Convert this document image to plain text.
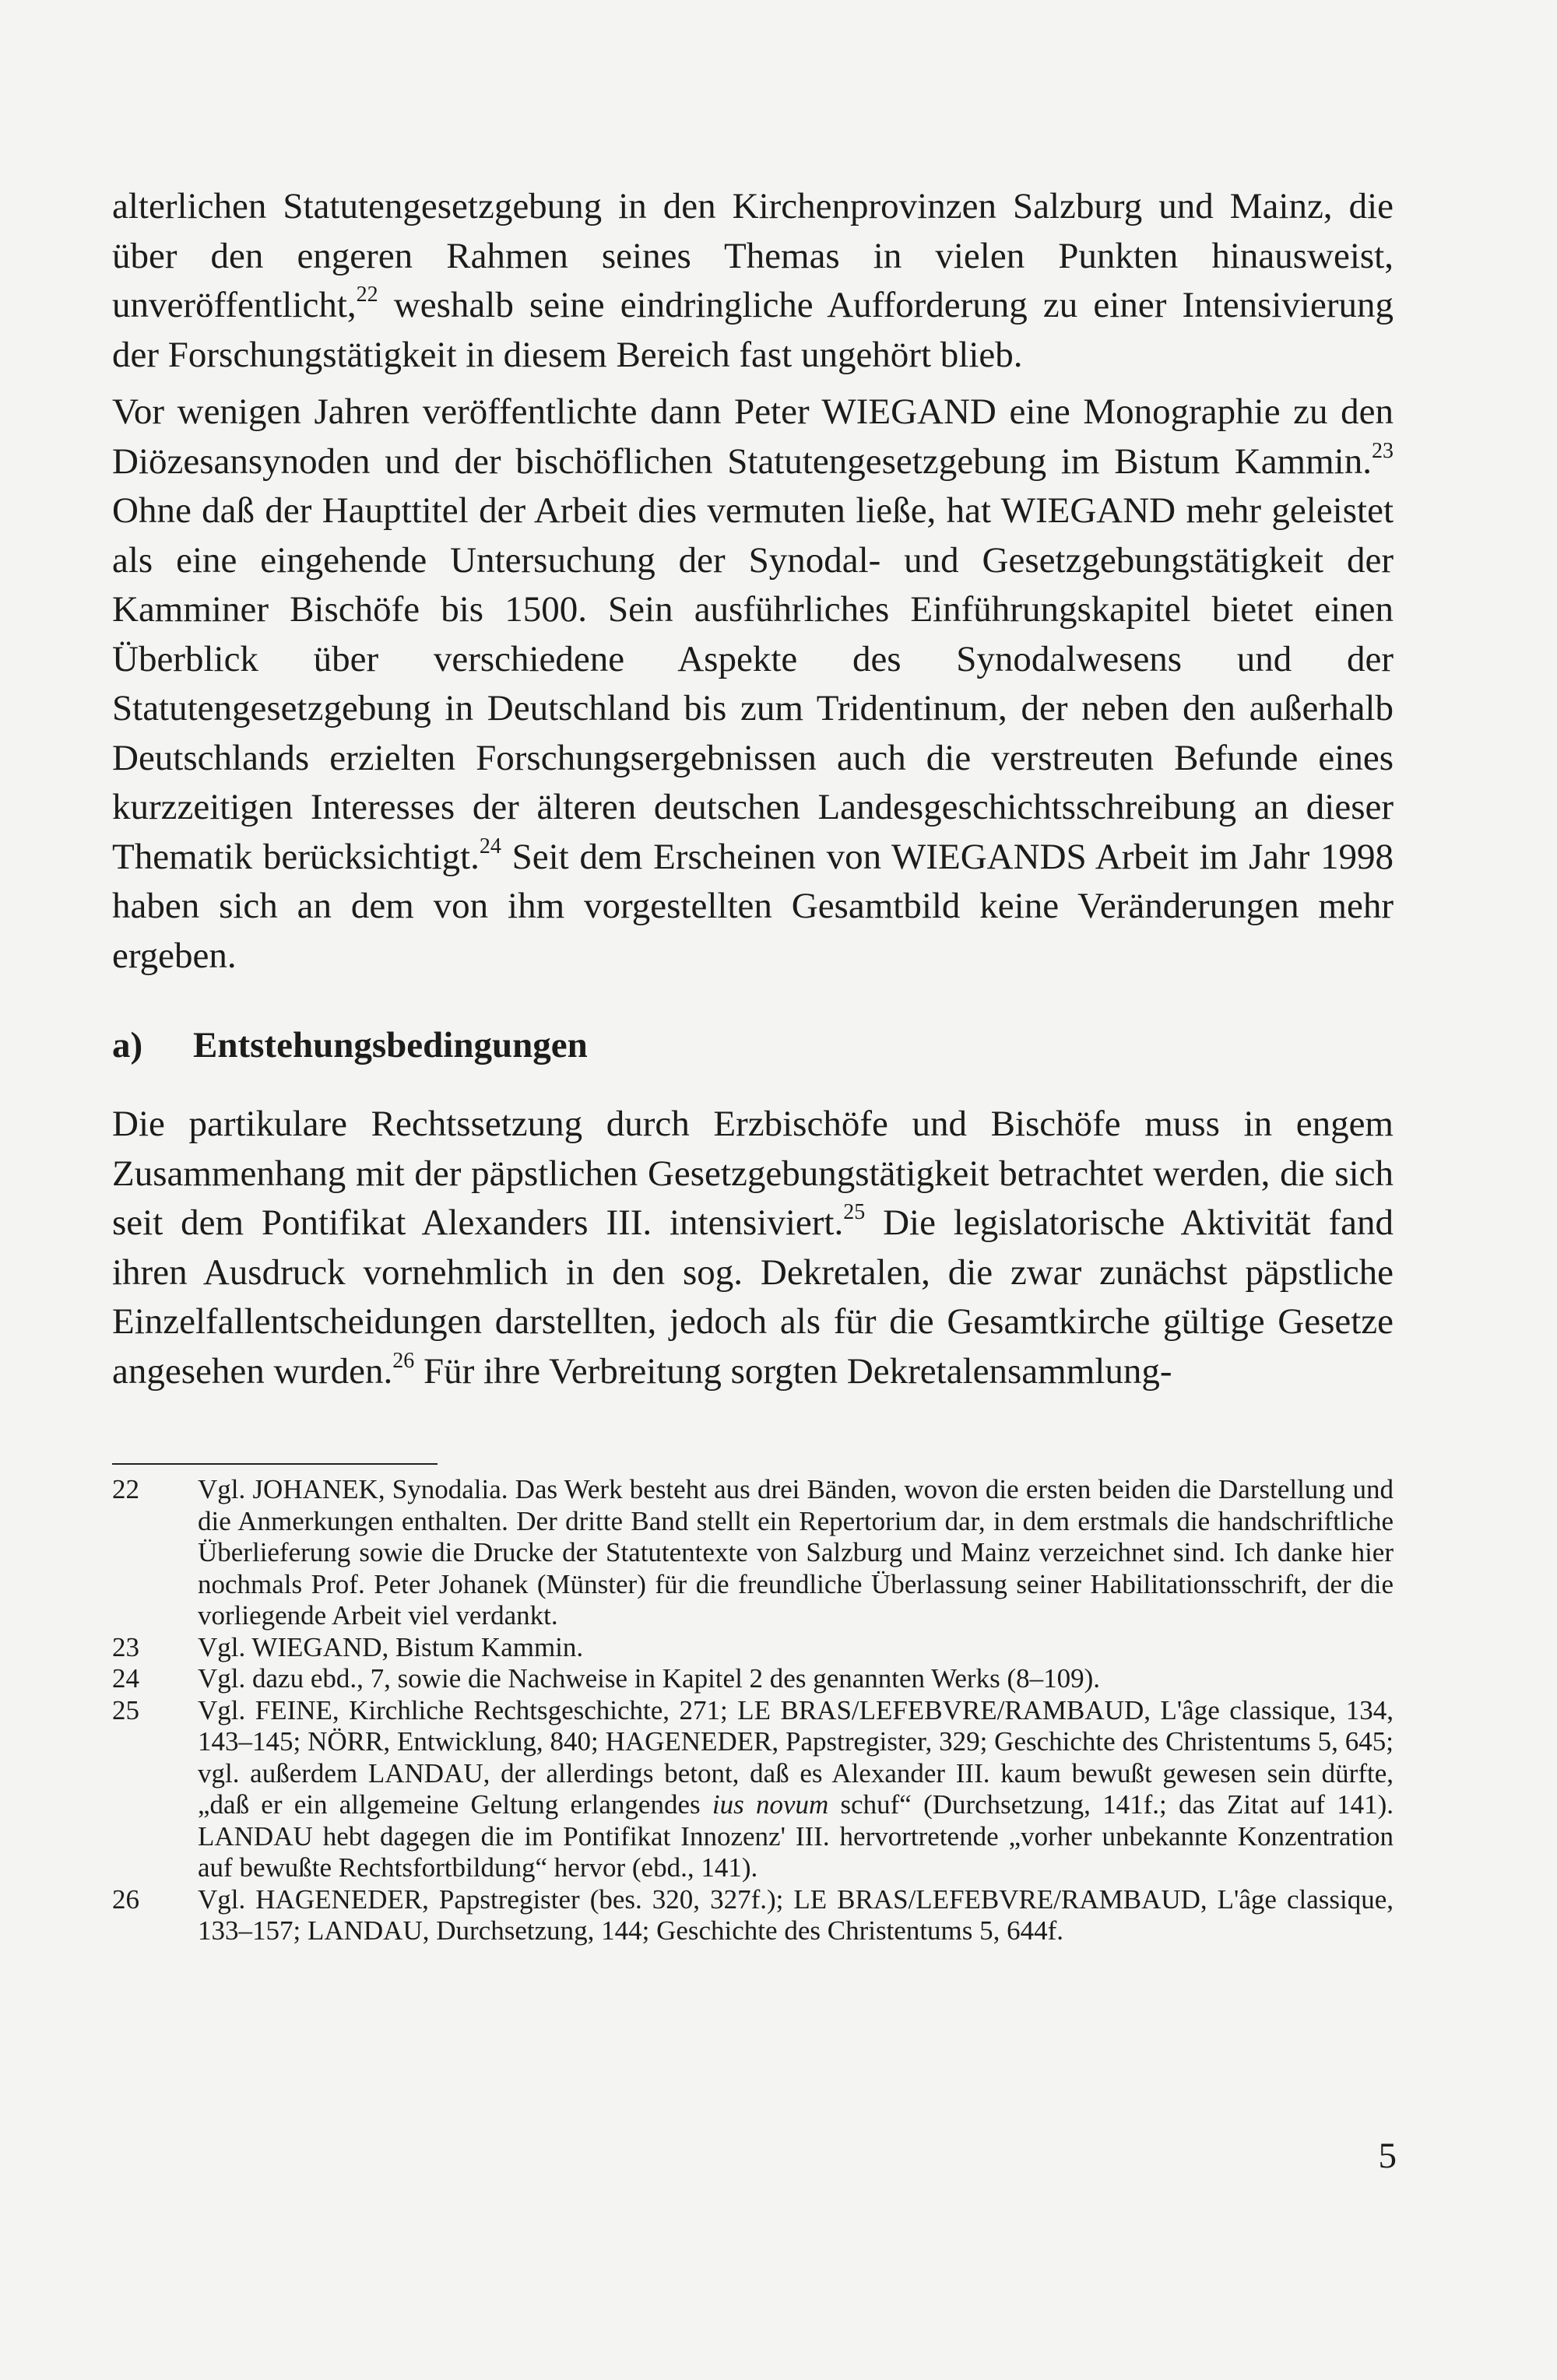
alterlichen Statutengesetzgebung in den Kirchenprovinzen Salzburg und Mainz, die über den engeren Rahmen seines Themas in vielen Punkten hinausweist, unveröffentlicht,$^{22}$ weshalb seine eindringliche Aufforderung zu einer Intensivierung der Forschungstätigkeit in diesem Bereich fast ungehört blieb.

Vor wenigen Jahren veröffentlichte dann Peter WIEGAND eine Monographie zu den Diözesansynoden und der bischöflichen Statutengesetzgebung im Bistum Kammin.$^{23}$ Ohne daß der Haupttitel der Arbeit dies vermuten ließe, hat WIEGAND mehr geleistet als eine eingehende Untersuchung der Synodal- und Gesetzgebungstätigkeit der Kamminer Bischöfe bis 1500. Sein ausführliches Einführungskapitel bietet einen Überblick über verschiedene Aspekte des Synodalwesens und der Statutengesetzgebung in Deutschland bis zum Tridentinum, der neben den außerhalb Deutschlands erzielten Forschungsergebnissen auch die verstreuten Befunde eines kurzzeitigen Interesses der älteren deutschen Landesgeschichtsschreibung an dieser Thematik berücksichtigt.$^{24}$ Seit dem Erscheinen von WIEGANDS Arbeit im Jahr 1998 haben sich an dem von ihm vorgestellten Gesamtbild keine Veränderungen mehr ergeben.

a) Entstehungsbedingungen

Die partikulare Rechtssetzung durch Erzbischöfe und Bischöfe muss in engem Zusammenhang mit der päpstlichen Gesetzgebungstätigkeit betrachtet werden, die sich seit dem Pontifikat Alexanders III. intensiviert.$^{25}$ Die legislatorische Aktivität fand ihren Ausdruck vornehmlich in den sog. Dekretalen, die zwar zunächst päpstliche Einzelfallentscheidungen darstellten, jedoch als für die Gesamtkirche gültige Gesetze angesehen wurden.$^{26}$ Für ihre Verbreitung sorgten Dekretalensammlung-

22	Vgl. JOHANEK, Synodalia. Das Werk besteht aus drei Bänden, wovon die ersten beiden die Darstellung und die Anmerkungen enthalten. Der dritte Band stellt ein Repertorium dar, in dem erstmals die handschriftliche Überlieferung sowie die Drucke der Statutentexte von Salzburg und Mainz verzeichnet sind. Ich danke hier nochmals Prof. Peter Johanek (Münster) für die freundliche Überlassung seiner Habilitationsschrift, der die vorliegende Arbeit viel verdankt.
23	Vgl. WIEGAND, Bistum Kammin.
24	Vgl. dazu ebd., 7, sowie die Nachweise in Kapitel 2 des genannten Werks (8–109).
25	Vgl. FEINE, Kirchliche Rechtsgeschichte, 271; LE BRAS/LEFEBVRE/RAMBAUD, L'âge classique, 134, 143–145; NÖRR, Entwicklung, 840; HAGENEDER, Papstregister, 329; Geschichte des Christentums 5, 645; vgl. außerdem LANDAU, der allerdings betont, daß es Alexander III. kaum bewußt gewesen sein dürfte, „daß er ein allgemeine Geltung erlangendes ius novum schuf“ (Durchsetzung, 141f.; das Zitat auf 141). LANDAU hebt dagegen die im Pontifikat Innozenz' III. hervortretende „vorher unbekannte Konzentration auf bewußte Rechtsfortbildung“ hervor (ebd., 141).
26	Vgl. HAGENEDER, Papstregister (bes. 320, 327f.); LE BRAS/LEFEBVRE/RAMBAUD, L'âge classique, 133–157; LANDAU, Durchsetzung, 144; Geschichte des Christentums 5, 644f.
5
